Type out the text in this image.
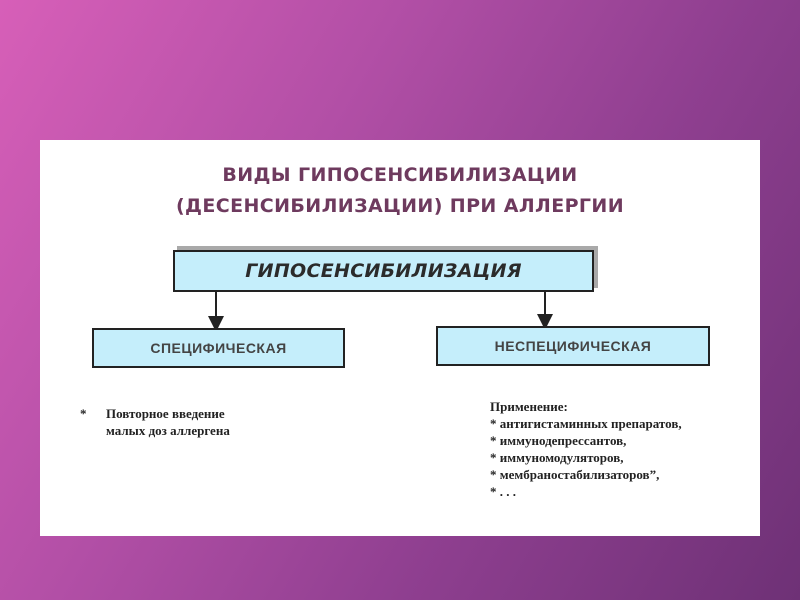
ВИДЫ ГИПОСЕНСИБИЛИЗАЦИИ
(ДЕСЕНСИБИЛИЗАЦИИ) ПРИ АЛЛЕРГИИ
ГИПОСЕНСИБИЛИЗАЦИЯ
СПЕЦИФИЧЕСКАЯ	НЕСПЕЦИФИЧЕСКАЯ
*	Повторное введение
малых доз аллергена
Применение:
* антигистаминных препаратов,
* иммунодепрессантов,
* иммуномодуляторов,
* мембраностабилизаторов”,
* . . .
